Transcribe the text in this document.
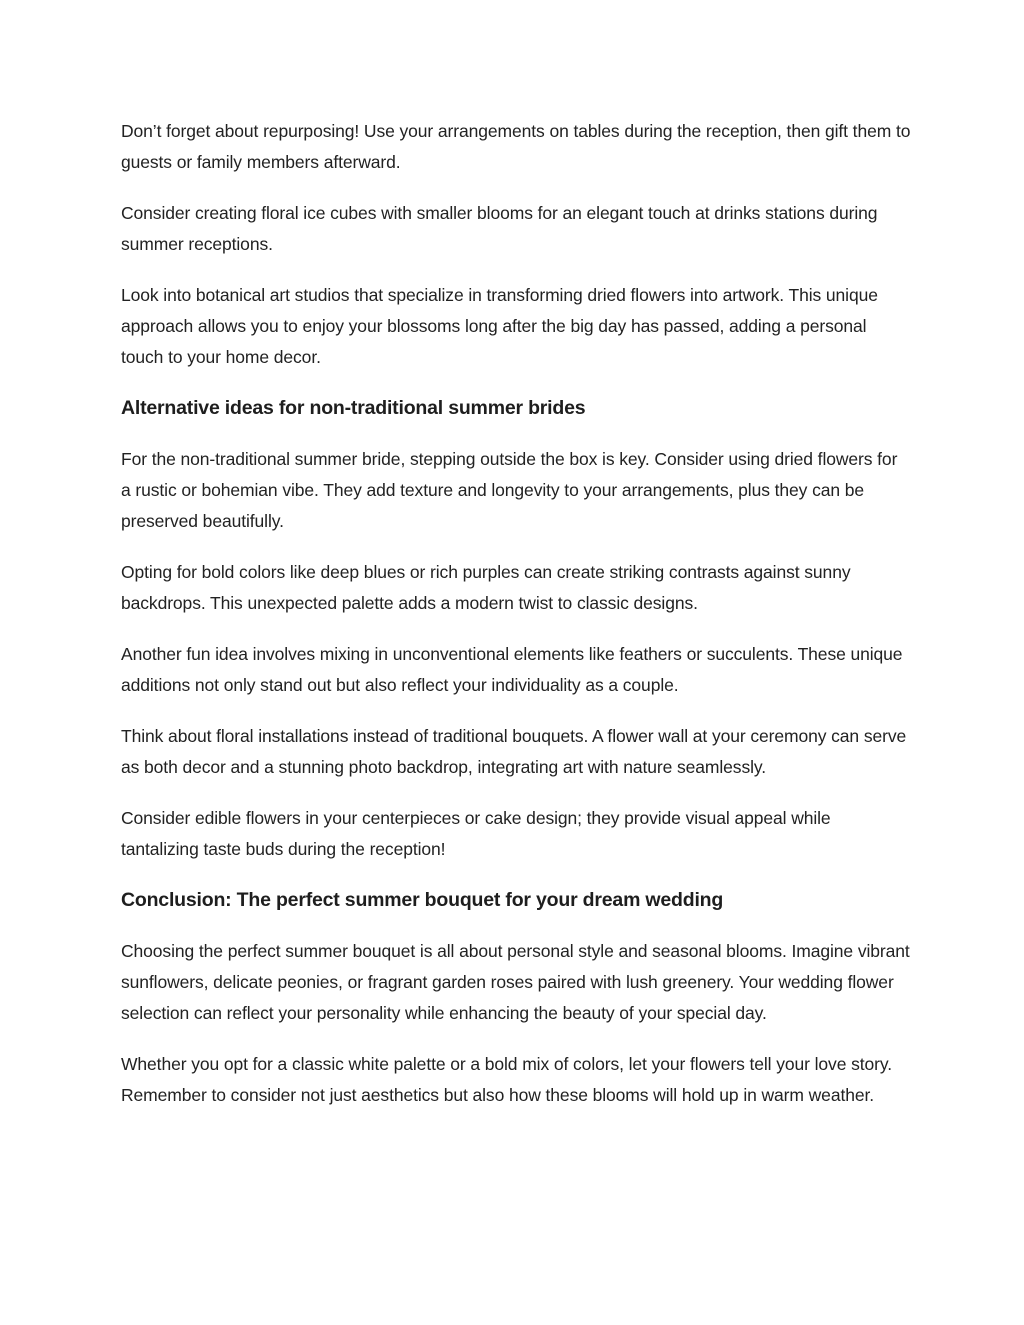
Don’t forget about repurposing! Use your arrangements on tables during the reception, then gift them to guests or family members afterward.

Consider creating floral ice cubes with smaller blooms for an elegant touch at drinks stations during summer receptions.

Look into botanical art studios that specialize in transforming dried flowers into artwork. This unique approach allows you to enjoy your blossoms long after the big day has passed, adding a personal touch to your home decor.

Alternative ideas for non-traditional summer brides

For the non-traditional summer bride, stepping outside the box is key. Consider using dried flowers for a rustic or bohemian vibe. They add texture and longevity to your arrangements, plus they can be preserved beautifully.

Opting for bold colors like deep blues or rich purples can create striking contrasts against sunny backdrops. This unexpected palette adds a modern twist to classic designs.

Another fun idea involves mixing in unconventional elements like feathers or succulents. These unique additions not only stand out but also reflect your individuality as a couple.

Think about floral installations instead of traditional bouquets. A flower wall at your ceremony can serve as both decor and a stunning photo backdrop, integrating art with nature seamlessly.

Consider edible flowers in your centerpieces or cake design; they provide visual appeal while tantalizing taste buds during the reception!

Conclusion: The perfect summer bouquet for your dream wedding

Choosing the perfect summer bouquet is all about personal style and seasonal blooms. Imagine vibrant sunflowers, delicate peonies, or fragrant garden roses paired with lush greenery. Your wedding flower selection can reflect your personality while enhancing the beauty of your special day.

Whether you opt for a classic white palette or a bold mix of colors, let your flowers tell your love story. Remember to consider not just aesthetics but also how these blooms will hold up in warm weather.
